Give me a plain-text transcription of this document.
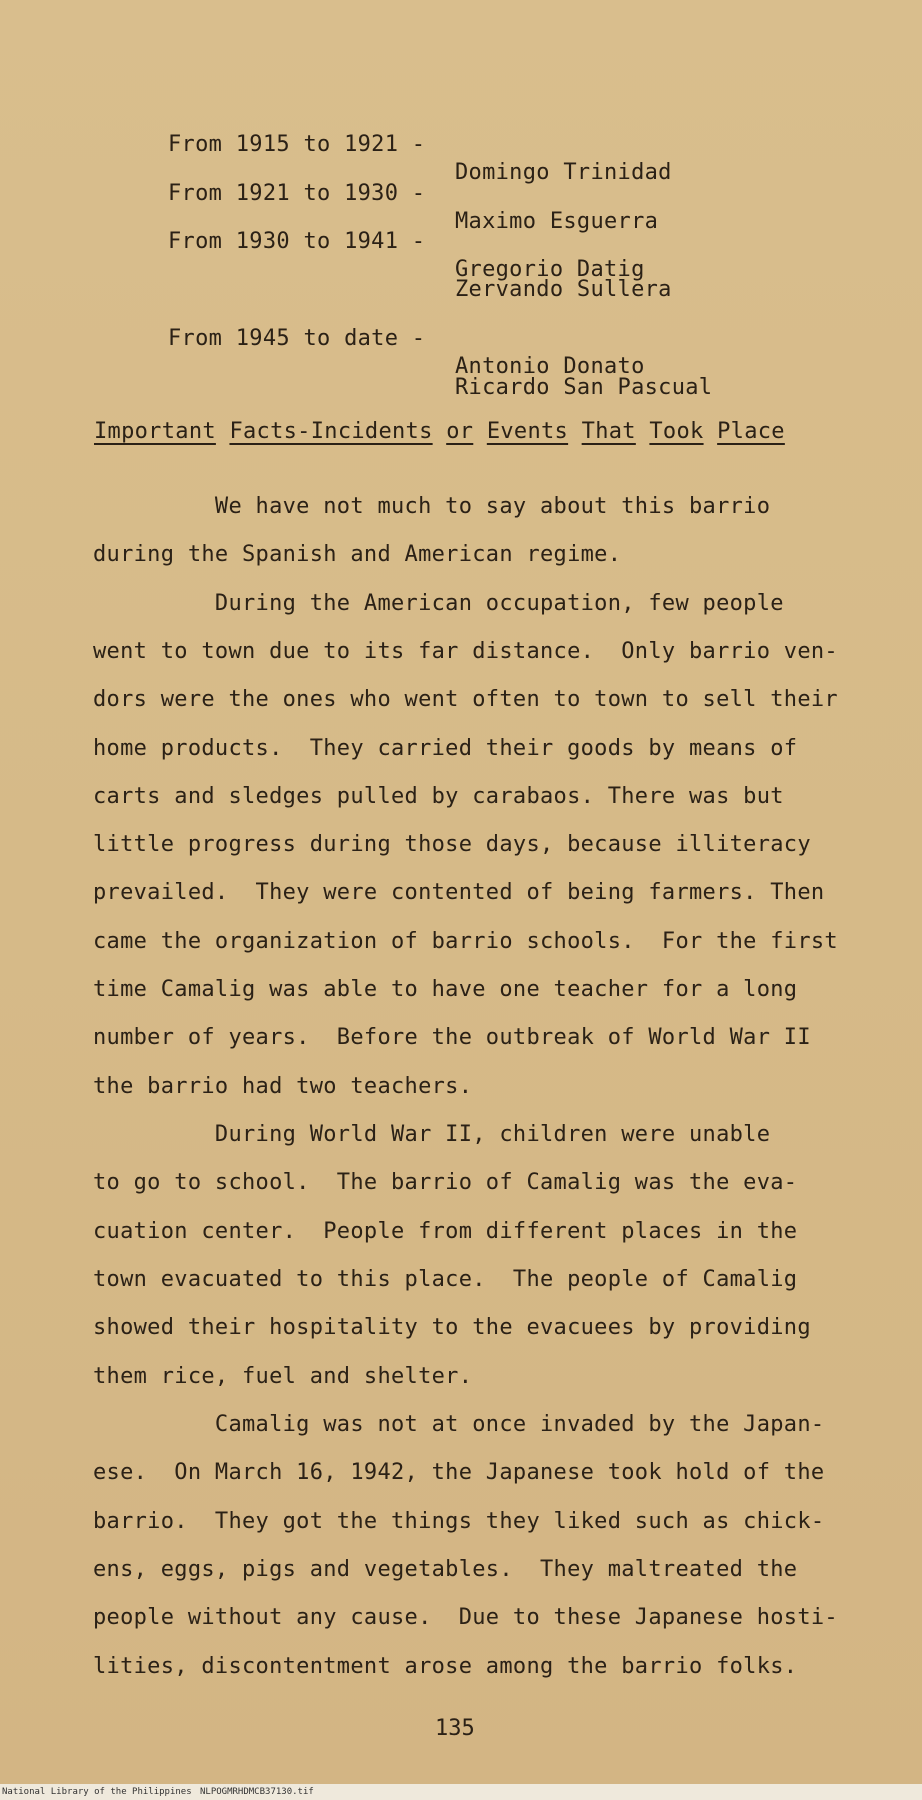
From 1915 to 1921 -

Domingo Trinidad

From 1921 to 1930 -

Maximo Esguerra

From 1930 to 1941 -

Gregorio Datig

Zervando Sullera

From 1945 to date -

Antonio Donato

Ricardo San Pascual

Important Facts-Incidents or Events That Took Place
We have not much to say about this barrio
during the Spanish and American regime.
During the American occupation, few people
went to town due to its far distance.  Only barrio ven-
dors were the ones who went often to town to sell their
home products.  They carried their goods by means of
carts and sledges pulled by carabaos. There was but
little progress during those days, because illiteracy
prevailed.  They were contented of being farmers. Then
came the organization of barrio schools.  For the first
time Camalig was able to have one teacher for a long
number of years.  Before the outbreak of World War II
the barrio had two teachers.
During World War II, children were unable
to go to school.  The barrio of Camalig was the eva-
cuation center.  People from different places in the
town evacuated to this place.  The people of Camalig
showed their hospitality to the evacuees by providing
them rice, fuel and shelter.
Camalig was not at once invaded by the Japan-
ese.  On March 16, 1942, the Japanese took hold of the
barrio.  They got the things they liked such as chick-
ens, eggs, pigs and vegetables.  They maltreated the
people without any cause.  Due to these Japanese hosti-
lities, discontentment arose among the barrio folks.
135
National Library of the Philippines NLPOGMRHDMCB37130.tif
